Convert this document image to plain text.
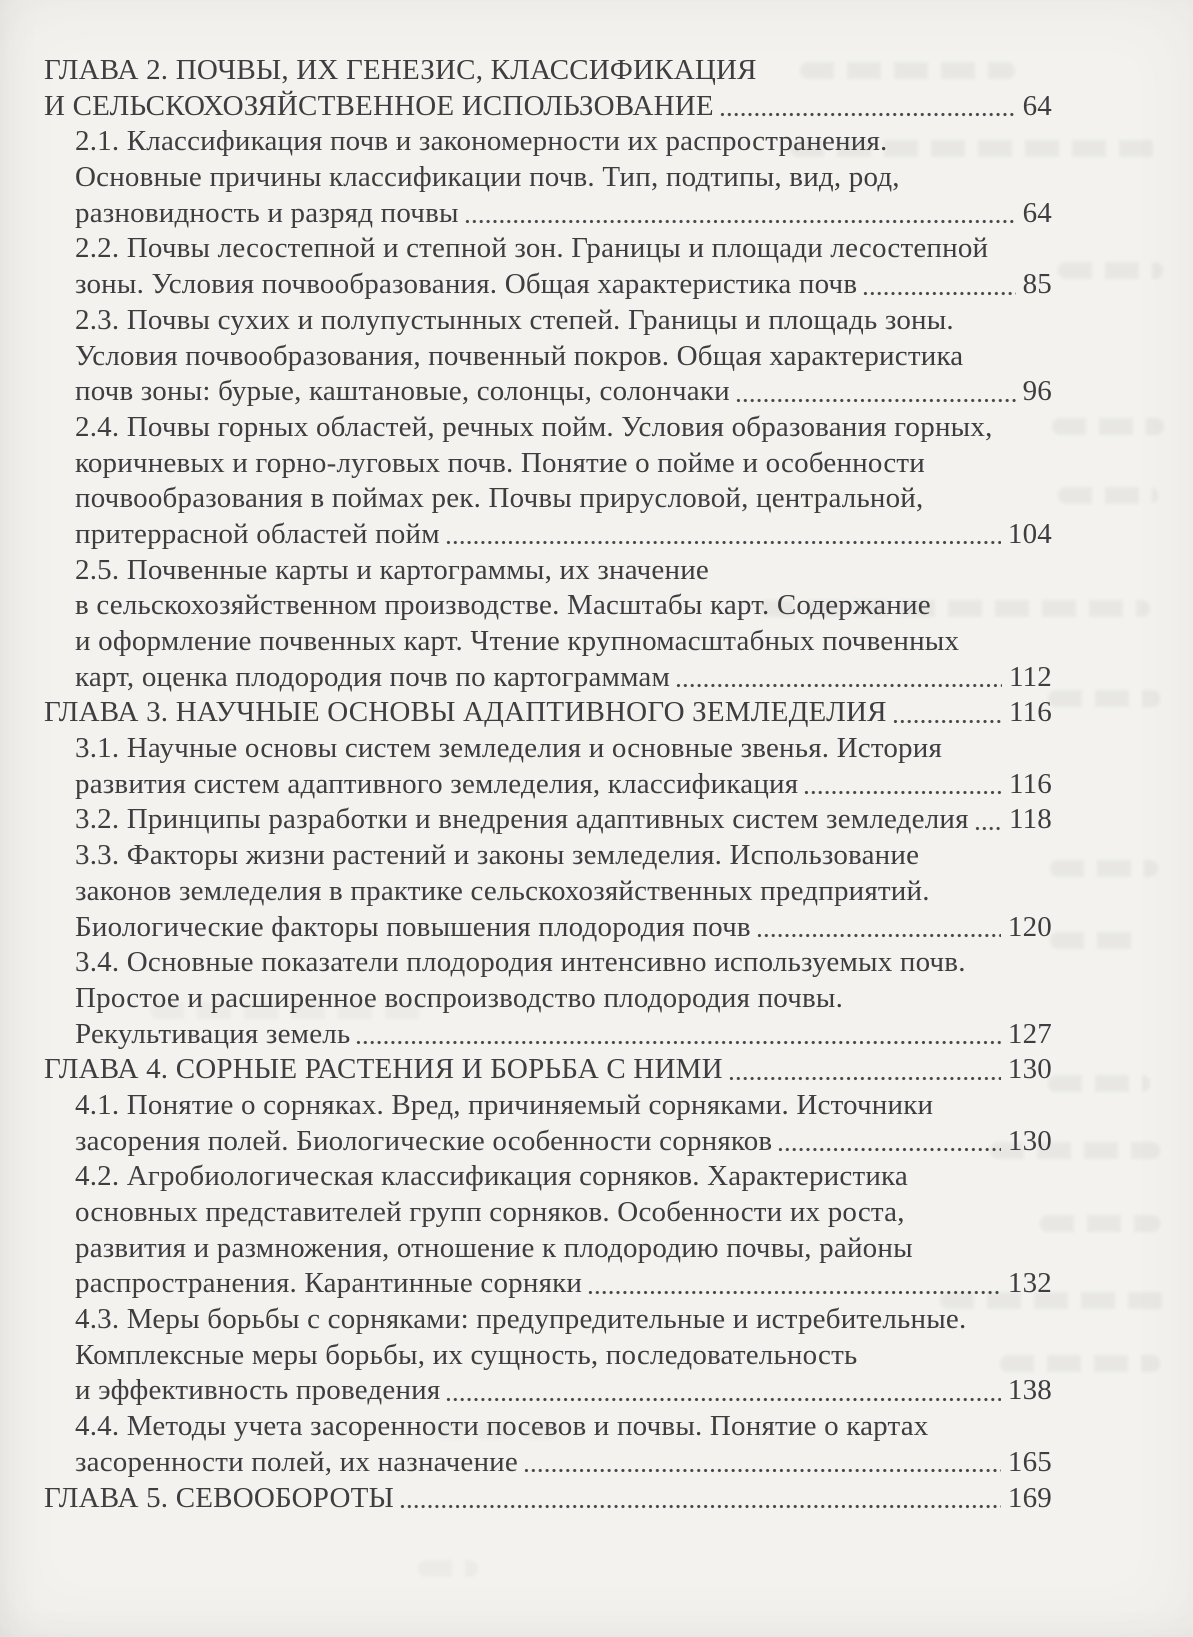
ГЛАВА 2. ПОЧВЫ, ИХ ГЕНЕЗИС, КЛАССИФИКАЦИЯ
И СЕЛЬСКОХОЗЯЙСТВЕННОЕ ИСПОЛЬЗОВАНИЕ	64
2.1. Классификация почв и закономерности их распространения.
Основные причины классификации почв. Тип, подтипы, вид, род,
разновидность и разряд почвы	64
2.2. Почвы лесостепной и степной зон. Границы и площади лесостепной
зоны. Условия почвообразования. Общая характеристика почв	85
2.3. Почвы сухих и полупустынных степей. Границы и площадь зоны.
Условия почвообразования, почвенный покров. Общая характеристика
почв зоны: бурые, каштановые, солонцы, солончаки	96
2.4. Почвы горных областей, речных пойм. Условия образования горных,
коричневых и горно-луговых почв. Понятие о пойме и особенности
почвообразования в поймах рек. Почвы прирусловой, центральной,
притеррасной областей пойм	104
2.5. Почвенные карты и картограммы, их значение
в сельскохозяйственном производстве. Масштабы карт. Содержание
и оформление почвенных карт. Чтение крупномасштабных почвенных
карт, оценка плодородия почв по картограммам	112
ГЛАВА 3. НАУЧНЫЕ ОСНОВЫ АДАПТИВНОГО ЗЕМЛЕДЕЛИЯ	116
3.1. Научные основы систем земледелия и основные звенья. История
развития систем адаптивного земледелия, классификация	116
3.2. Принципы разработки и внедрения адаптивных систем земледелия 118
3.3. Факторы жизни растений и законы земледелия. Использование
законов земледелия в практике сельскохозяйственных предприятий.
Биологические факторы повышения плодородия почв	120
3.4. Основные показатели плодородия интенсивно используемых почв.
Простое и расширенное воспроизводство плодородия почвы.
Рекультивация земель	127
ГЛАВА 4. СОРНЫЕ РАСТЕНИЯ И БОРЬБА С НИМИ	130
4.1. Понятие о сорняках. Вред, причиняемый сорняками. Источники
засорения полей. Биологические особенности сорняков	130
4.2. Агробиологическая классификация сорняков. Характеристика
основных представителей групп сорняков. Особенности их роста,
развития и размножения, отношение к плодородию почвы, районы
распространения. Карантинные сорняки	132
4.3. Меры борьбы с сорняками: предупредительные и истребительные.
Комплексные меры борьбы, их сущность, последовательность
и эффективность проведения	138
4.4. Методы учета засоренности посевов и почвы. Понятие о картах
засоренности полей, их назначение	165
ГЛАВА 5. СЕВООБОРОТЫ	169
